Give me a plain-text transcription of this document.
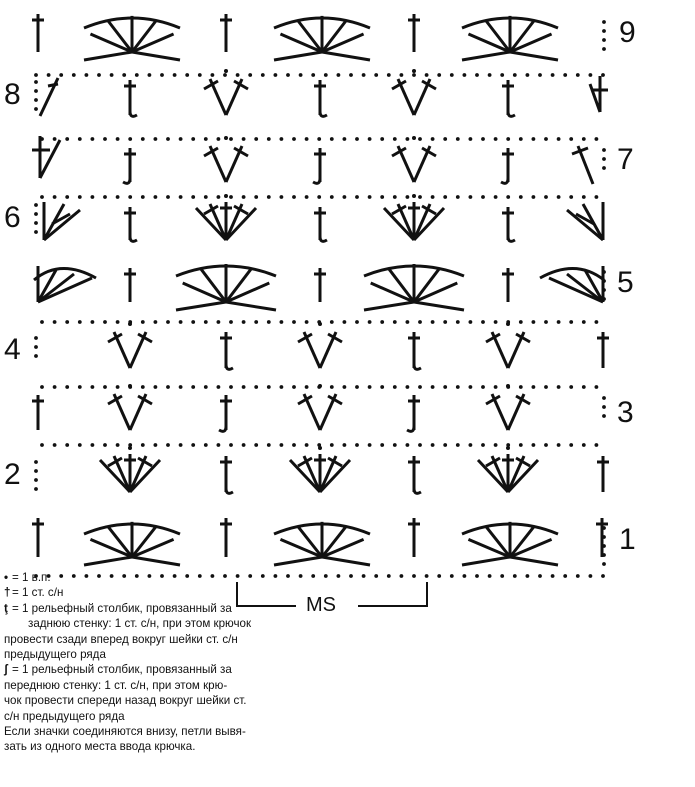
9
8
7
6
5
4
3
2
1
MS
• = 1 в.п.
† = 1 ст. с/н
ţ = 1 рельефный столбик, провязанный за
заднюю стенку: 1 ст. с/н, при этом крючок
провести сзади вперед вокруг шейки ст. с/н
предыдущего ряда
ʃ = 1 рельефный столбик, провязанный за
переднюю стенку: 1 ст. с/н, при этом крю-
чок провести спереди назад вокруг шейки ст.
с/н предыдущего ряда
Если значки соединяются внизу, петли вывя-
зать из одного места ввода крючка.
